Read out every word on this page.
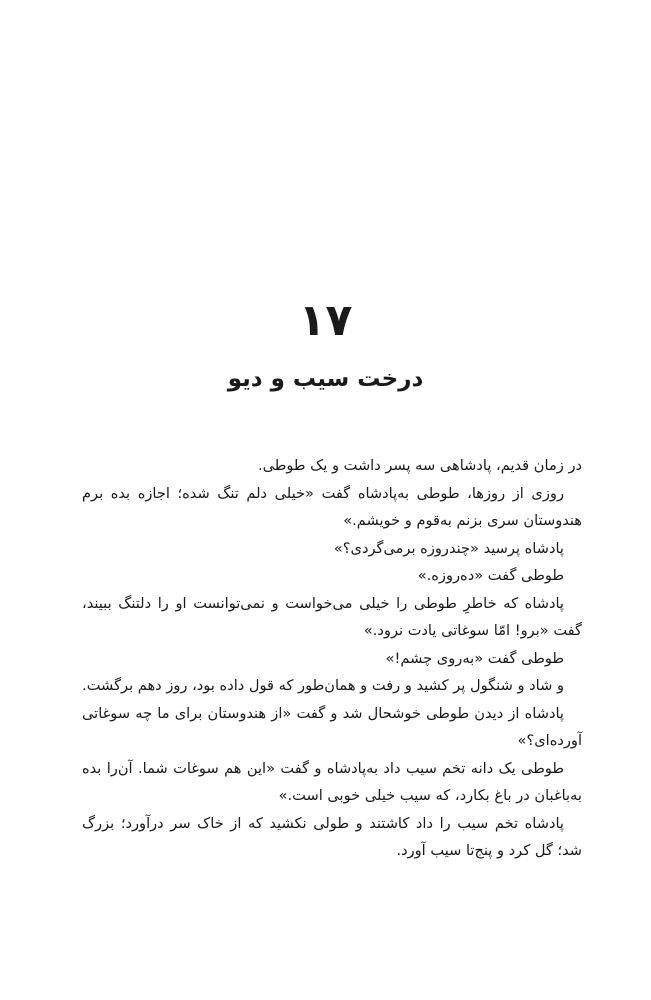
۱۷
درخت سیب و دیو

در زمان قدیم، پادشاهی سه پسر داشت و یک طوطی.

روزی از روزها، طوطی به‌پادشاه گفت «خیلی دلم تنگ شده؛ اجازه بده برم هندوستان سری بزنم به‌قوم و خویشم.»

پادشاه پرسید «چندروزه برمی‌گردی؟»

طوطی گفت «ده‌روزه.»

پادشاه که خاطرِ طوطی را خیلی می‌خواست و نمی‌توانست او را دلتنگ ببیند، گفت «برو! امّا سوغاتی یادت نرود.»

طوطی گفت «به‌روی چشم!»

و شاد و شنگول پر کشید و رفت و همان‌طور که قول داده بود، روز دهم برگشت.

پادشاه از دیدن طوطی خوشحال شد و گفت «از هندوستان برای ما چه سوغاتی آورده‌ای؟»

طوطی یک دانه تخم سیب داد به‌پادشاه و گفت «این هم سوغات شما. آن‌را بده به‌باغبان در باغ بکارد، که سیب خیلی خوبی است.»

پادشاه تخم سیب را داد کاشتند و طولی نکشید که از خاک سر درآورد؛ بزرگ شد؛ گل کرد و پنج‌تا سیب آورد.
